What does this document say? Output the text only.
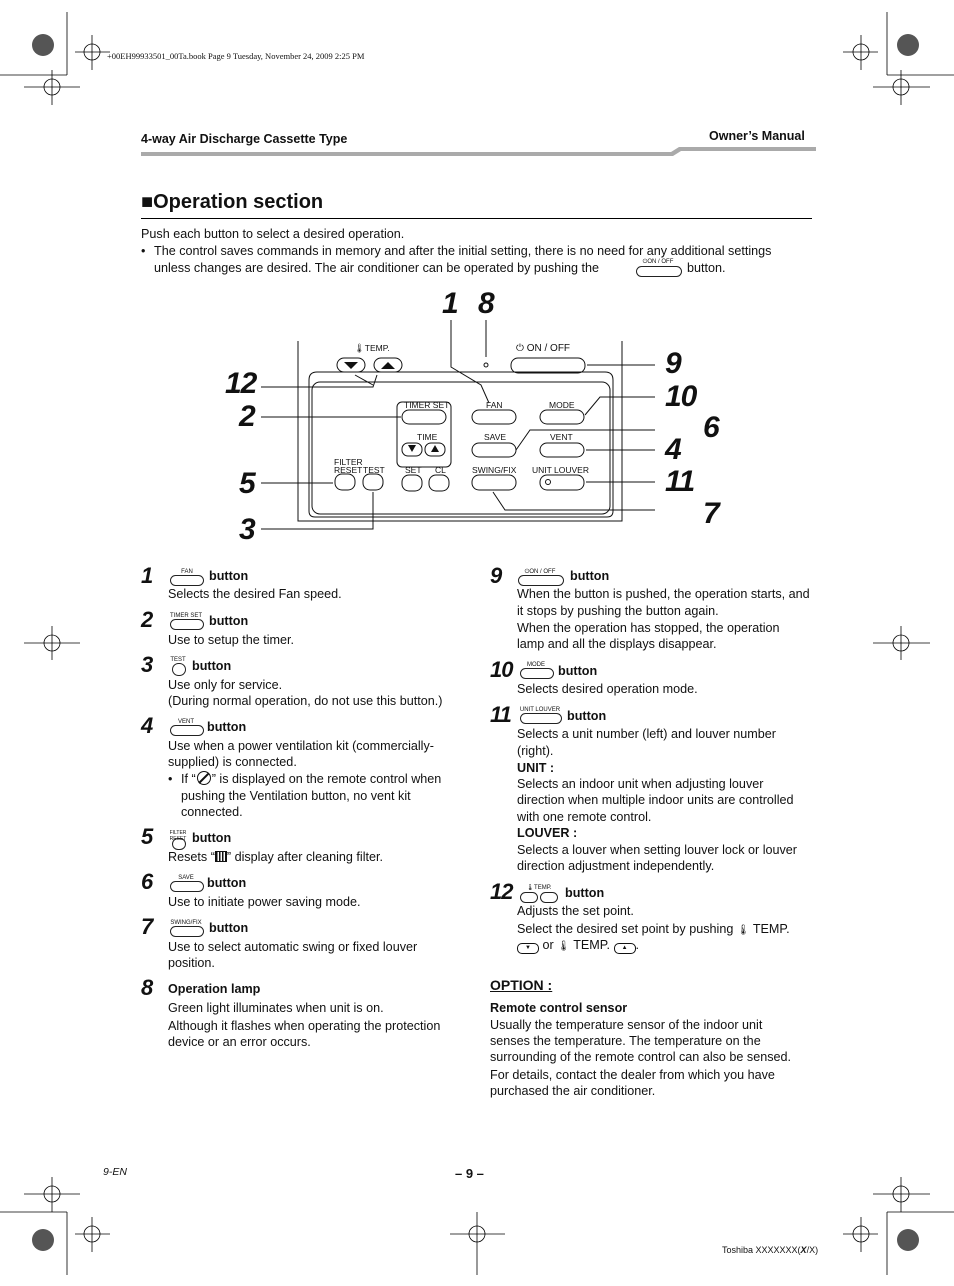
+00EH99933501_00Ta.book Page 9 Tuesday, November 24, 2009 2:25 PM
4-way Air Discharge Cassette Type	Owner’s Manual
■Operation section
Push each button to select a desired operation.
• The control saves commands in memory and after the initial setting, there is no need for any additional settings
unless changes are desired. The air conditioner can be operated by pushing the	⏻ON / OFF	button.
🌡TEMP.	⏻ ON / OFF
TIMER SET	FAN	MODE
TIME	SAVE	VENT
FILTER
RESET TEST SET CL	SWING/FIX UNIT LOUVER
1 8
9
12	10
2	6
4
5	11
7
3
1	FAN	button
Selects the desired Fan speed.
2	TIMER SET button
Use to setup the timer.
3	TEST button
Use only for service.
(During normal operation, do not use this button.)
4	VENT	button
Use when a power ventilation kit (commercially-
supplied) is connected.
• If “ ” is displayed on the remote control when
pushing the Ventilation button, no vent kit
connected.
5	FILTER RESET button
Resets “ ” display after cleaning filter.
6	SAVE	button
Use to initiate power saving mode.
7	SWING/FIX button
Use to select automatic swing or fixed louver
position.
8 Operation lamp
Green light illuminates when unit is on.
Although it flashes when operating the protection
device or an error occurs.
9	⏻ON / OFF	button
When the button is pushed, the operation starts, and
it stops by pushing the button again.
When the operation has stopped, the operation
lamp and all the displays disappear.
10	MODE	button
Selects desired operation mode.
11	UNIT LOUVER button
Selects a unit number (left) and louver number
(right).
UNIT :
Selects an indoor unit when adjusting louver
direction when multiple indoor units are controlled
with one remote control.
LOUVER :
Selects a louver when setting louver lock or louver
direction adjustment independently.
12	🌡TEMP.	button
Adjusts the set point.
Select the desired set point by pushing 🌡 TEMP.
▼ or 🌡 TEMP. ▲ .
OPTION :
Remote control sensor
Usually the temperature sensor of the indoor unit
senses the temperature. The temperature on the
surrounding of the remote control can also be sensed.
For details, contact the dealer from which you have
purchased the air conditioner.
9-EN	– 9 –
Toshiba XXXXXXX(X/X)
